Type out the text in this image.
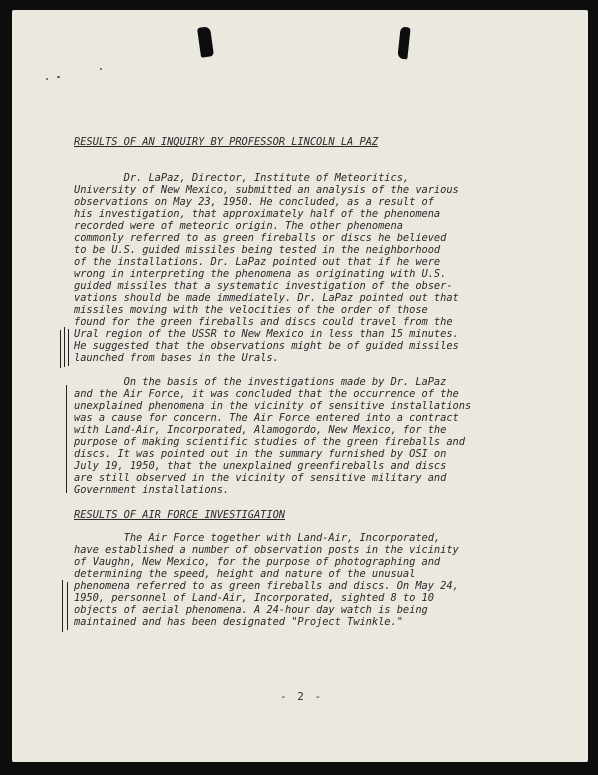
RESULTS OF AN INQUIRY BY PROFESSOR LINCOLN LA PAZ
Dr. LaPaz, Director, Institute of Meteoritics,
University of New Mexico, submitted an analysis of the various
observations on May 23, 1950. He concluded, as a result of
his investigation, that approximately half of the phenomena
recorded were of meteoric origin. The other phenomena
commonly referred to as green fireballs or discs he believed
to be U.S. guided missiles being tested in the neighborhood
of the installations. Dr. LaPaz pointed out that if he were
wrong in interpreting the phenomena as originating with U.S.
guided missiles that a systematic investigation of the obser-
vations should be made immediately. Dr. LaPaz pointed out that
missiles moving with the velocities of the order of those
found for the green fireballs and discs could travel from the
Ural region of the USSR to New Mexico in less than 15 minutes.
He suggested that the observations might be of guided missiles
launched from bases in the Urals.
On the basis of the investigations made by Dr. LaPaz
and the Air Force, it was concluded that the occurrence of the
unexplained phenomena in the vicinity of sensitive installations
was a cause for concern. The Air Force entered into a contract
with Land-Air, Incorporated, Alamogordo, New Mexico, for the
purpose of making scientific studies of the green fireballs and
discs. It was pointed out in the summary furnished by OSI on
July 19, 1950, that the unexplained greenfireballs and discs
are still observed in the vicinity of sensitive military and
Government installations.
RESULTS OF AIR FORCE INVESTIGATION
The Air Force together with Land-Air, Incorporated,
have established a number of observation posts in the vicinity
of Vaughn, New Mexico, for the purpose of photographing and
determining the speed, height and nature of the unusual
phenomena referred to as green fireballs and discs. On May 24,
1950, personnel of Land-Air, Incorporated, sighted 8 to 10
objects of aerial phenomena. A 24-hour day watch is being
maintained and has been designated "Project Twinkle."
- 2 -
